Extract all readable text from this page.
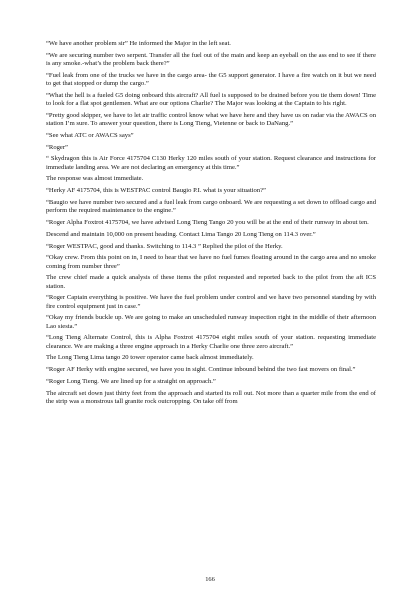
“We have another problem sir” He informed the Major in the left seat.

“We are securing number two serpent. Transfer all the fuel out of the main and keep an eyeball on the ass end to see if there is any smoke.-what’s the problem back there?”

“Fuel leak from one of the trucks we have in the cargo area- the G5 support generator. I have a fire watch on it but we need to get that stopped or dump the cargo.”

“What the hell is a fueled G5 doing onboard this aircraft? All fuel is supposed to be drained before you tie them down! Time to look for a flat spot gentlemen. What are our options Charlie? The Major was looking at the Captain to his right.

“Pretty good skipper, we have to let air traffic control know what we have here and they have us on radar via the AWACS on station I’m sure. To answer your question, there is Long Tieng, Vietenne or back to DaNang.”

“See what ATC or AWACS says”

“Roger”

“ Skydragon this is Air Force 4175704 C130 Herky 120 miles south of your station. Request clearance and instructions for immediate landing area. We are not declaring an emergency at this time.”

The response was almost immediate.

“Herky AF 4175704, this is WESTPAC control Baugio P.I. what is your situation?”

“Baugio we have number two secured and a fuel leak from cargo onboard. We are requesting a set down to offload cargo and perform the required maintenance to the engine.”

“Roger Alpha Foxtrot 4175704, we have advised Long Tieng Tango 20 you will be at the end of their runway in about ten.

Descend and maintain 10,000 on present heading. Contact Lima Tango 20 Long Tieng on 114.3 over.”

“Roger WESTPAC, good and thanks. Switching to 114.3 ” Replied the pilot of the Herky.

“Okay crew. From this point on in, I need to hear that we have no fuel fumes floating around in the cargo area and no smoke coming from number three”

The crew chief made a quick analysis of these items the pilot requested and reported back to the pilot from the aft ICS station.

“Roger Captain everything is positive. We have the fuel problem under control and we have two personnel standing by with fire control equipment just in case.”

“Okay my friends buckle up. We are going to make an unscheduled runway inspection right in the middle of their afternoon Lao siesta.”

“Long Tieng Alternate Control, this is Alpha Foxtrot 4175704 eight miles south of your station. requesting immediate clearance. We are making a three engine approach in a Herky Charlie one three zero aircraft.”

The Long Tieng Lima tango 20 tower operator came back almost immediately.

“Roger AF Herky with engine secured, we have you in sight. Continue inbound behind the two fast movers on final.”

“Roger Long Tieng. We are lined up for a straight on approach.”

The aircraft set down just thirty feet from the approach and started its roll out. Not more than a quarter mile from the end of the strip was a monstrous tall granite rock outcropping. On take off from

166
